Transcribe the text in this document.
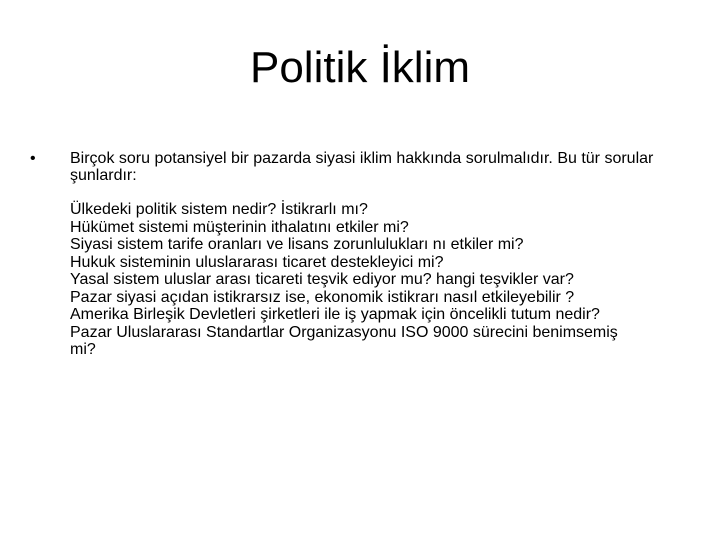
Politik İklim
• Birçok soru potansiyel bir pazarda siyasi iklim hakkında sorulmalıdır. Bu tür sorular şunlardır:
Ülkedeki politik sistem nedir? İstikrarlı mı?
Hükümet sistemi müşterinin ithalatını etkiler mi?
Siyasi sistem tarife oranları ve lisans zorunlulukları nı etkiler mi?
Hukuk sisteminin uluslararası ticaret destekleyici mi?
Yasal sistem uluslar arası ticareti teşvik ediyor mu? hangi teşvikler var?
Pazar siyasi açıdan istikrarsız ise, ekonomik istikrarı nasıl etkileyebilir ?
Amerika Birleşik Devletleri şirketleri ile iş yapmak için öncelikli tutum nedir?
Pazar Uluslararası Standartlar Organizasyonu ISO 9000 sürecini benimsemiş mi?
